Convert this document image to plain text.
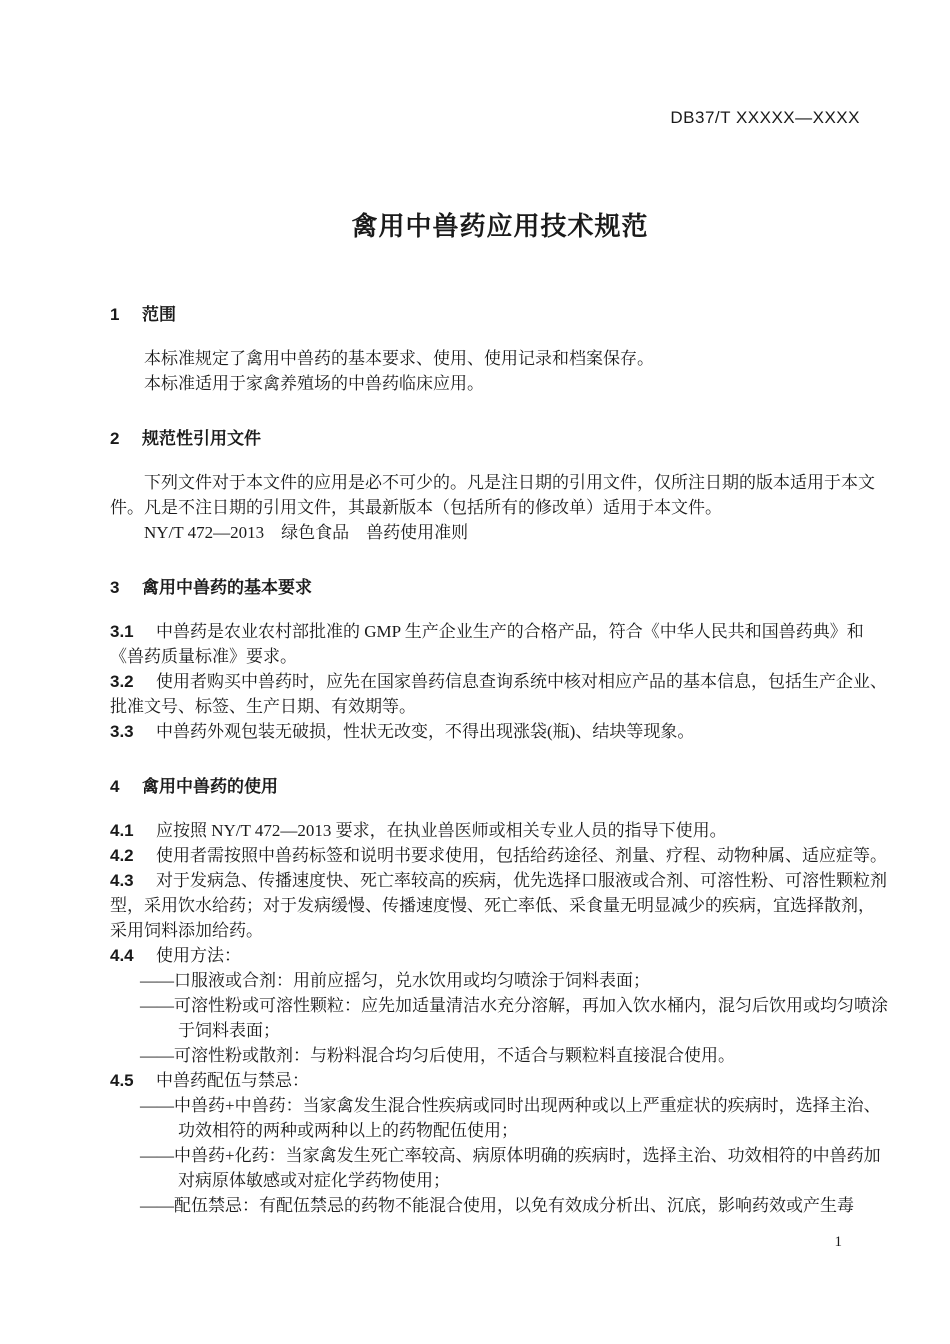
DB37/T XXXXX—XXXX
禽用中兽药应用技术规范
1 范围

本标准规定了禽用中兽药的基本要求、使用、使用记录和档案保存。

本标准适用于家禽养殖场的中兽药临床应用。

2 规范性引用文件

下列文件对于本文件的应用是必不可少的。凡是注日期的引用文件，仅所注日期的版本适用于本文件。凡是不注日期的引用文件，其最新版本（包括所有的修改单）适用于本文件。

NY/T 472—2013　绿色食品　兽药使用准则

3 禽用中兽药的基本要求

3.1 中兽药是农业农村部批准的 GMP 生产企业生产的合格产品，符合《中华人民共和国兽药典》和《兽药质量标准》要求。

3.2 使用者购买中兽药时，应先在国家兽药信息查询系统中核对相应产品的基本信息，包括生产企业、批准文号、标签、生产日期、有效期等。

3.3 中兽药外观包装无破损，性状无改变，不得出现涨袋(瓶)、结块等现象。

4 禽用中兽药的使用

4.1 应按照 NY/T 472—2013 要求，在执业兽医师或相关专业人员的指导下使用。

4.2 使用者需按照中兽药标签和说明书要求使用，包括给药途径、剂量、疗程、动物种属、适应症等。

4.3 对于发病急、传播速度快、死亡率较高的疾病，优先选择口服液或合剂、可溶性粉、可溶性颗粒剂型，采用饮水给药；对于发病缓慢、传播速度慢、死亡率低、采食量无明显减少的疾病，宜选择散剂，采用饲料添加给药。

4.4 使用方法：

——口服液或合剂：用前应摇匀，兑水饮用或均匀喷涂于饲料表面；

——可溶性粉或可溶性颗粒：应先加适量清洁水充分溶解，再加入饮水桶内，混匀后饮用或均匀喷涂于饲料表面；

——可溶性粉或散剂：与粉料混合均匀后使用，不适合与颗粒料直接混合使用。

4.5 中兽药配伍与禁忌：

——中兽药+中兽药：当家禽发生混合性疾病或同时出现两种或以上严重症状的疾病时，选择主治、功效相符的两种或两种以上的药物配伍使用；

——中兽药+化药：当家禽发生死亡率较高、病原体明确的疾病时，选择主治、功效相符的中兽药加对病原体敏感或对症化学药物使用；

——配伍禁忌：有配伍禁忌的药物不能混合使用，以免有效成分析出、沉底，影响药效或产生毒

1
